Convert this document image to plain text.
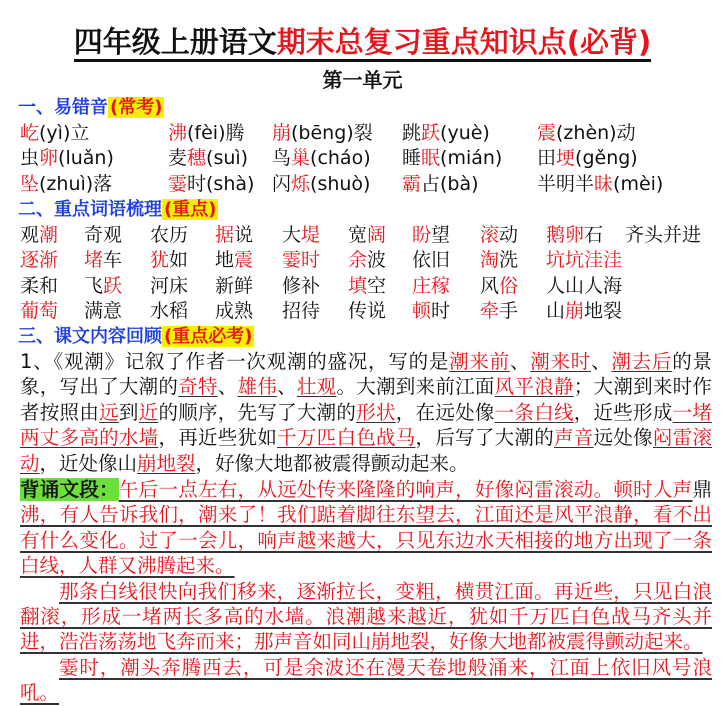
四年级上册语文期末总复习重点知识点(必背)
第一单元
一、易错音 (常考)
屹(yì)立	沸(fèi)腾 崩(bēng)裂 跳跃(yuè) 震(zhèn)动
虫卵(luǎn)	麦穗(suì) 鸟巢(cháo) 睡眠(mián) 田埂(gěng)
坠(zhuì)落	霎时(shà) 闪烁(shuò) 霸占(bà)	半明半昧(mèi)
二、重点词语梳理 (重点)
观潮 奇观 农历 据说 大堤 宽阔 盼望 滚动 鹅卵石 齐头并进
逐渐 堵车 犹如 地震 霎时 余波 依旧 淘洗 坑坑洼洼
柔和 飞跃 河床 新鲜 修补 填空 庄稼 风俗 人山人海
葡萄 满意 水稻 成熟 招待 传说 顿时 牵手 山崩地裂
三、课文内容回顾 (重点必考)
1、《观潮》记叙了作者一次观潮的盛况，写的是潮来前、潮来时、潮去后的景象，写出了大潮的奇特、雄伟、壮观。大潮到来前江面风平浪静；大潮到来时作者按照由远到近的顺序，先写了大潮的形状，在远处像一条白线，近些形成一堵两丈多高的水墙，再近些犹如千万匹白色战马，后写了大潮的声音远处像闷雷滚动，近处像山崩地裂，好像大地都被震得颤动起来。
背诵文段：午后一点左右，从远处传来隆隆的响声，好像闷雷滚动。顿时人声鼎沸，有人告诉我们，潮来了！我们踮着脚往东望去，江面还是风平浪静，看不出有什么变化。过了一会儿，响声越来越大，只见东边水天相接的地方出现了一条白线，人群又沸腾起来。
那条白线很快向我们移来，逐渐拉长，变粗，横贯江面。再近些，只见白浪翻滚，形成一堵两长多高的水墙。浪潮越来越近，犹如千万匹白色战马齐头并进，浩浩荡荡地飞奔而来；那声音如同山崩地裂，好像大地都被震得颤动起来。
霎时，潮头奔腾西去，可是余波还在漫天卷地般涌来，江面上依旧风号浪吼。
